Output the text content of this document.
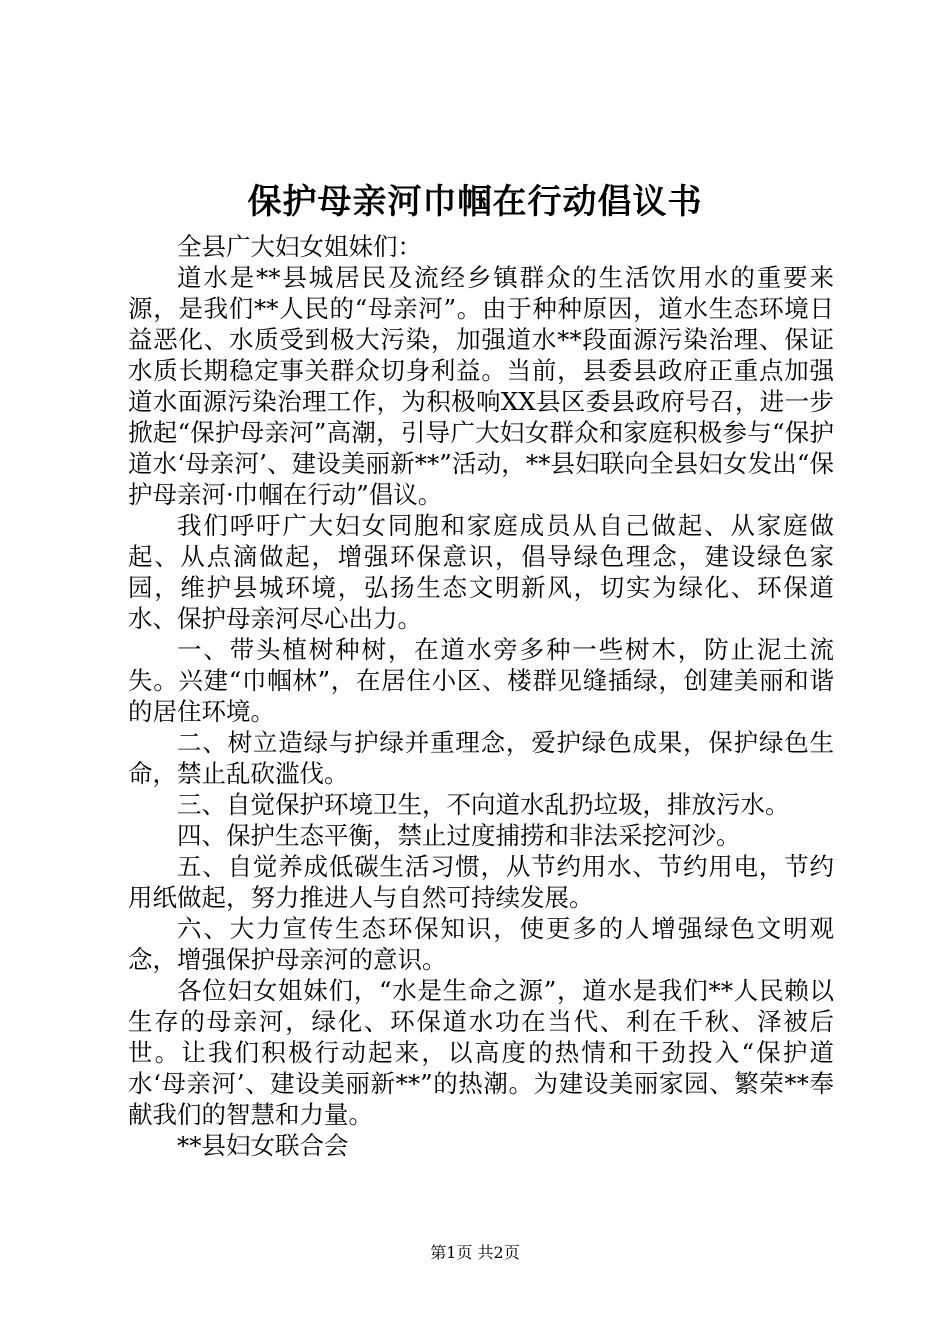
保护母亲河巾帼在行动倡议书

全县广大妇女姐妹们：

道水是**县城居民及流经乡镇群众的生活饮用水的重要来源，是我们**人民的“母亲河”。由于种种原因，道水生态环境日益恶化、水质受到极大污染，加强道水**段面源污染治理、保证水质长期稳定事关群众切身利益。当前，县委县政府正重点加强道水面源污染治理工作，为积极响XX县区委县政府号召，进一步掀起“保护母亲河”高潮，引导广大妇女群众和家庭积极参与“保护道水‘母亲河’、建设美丽新**”活动，**县妇联向全县妇女发出“保护母亲河·巾帼在行动”倡议。

我们呼吁广大妇女同胞和家庭成员从自己做起、从家庭做起、从点滴做起，增强环保意识，倡导绿色理念，建设绿色家园，维护县城环境，弘扬生态文明新风，切实为绿化、环保道水、保护母亲河尽心出力。

一、带头植树种树，在道水旁多种一些树木，防止泥土流失。兴建“巾帼林”，在居住小区、楼群见缝插绿，创建美丽和谐的居住环境。

二、树立造绿与护绿并重理念，爱护绿色成果，保护绿色生命，禁止乱砍滥伐。

三、自觉保护环境卫生，不向道水乱扔垃圾，排放污水。

四、保护生态平衡，禁止过度捕捞和非法采挖河沙。

五、自觉养成低碳生活习惯，从节约用水、节约用电，节约用纸做起，努力推进人与自然可持续发展。

六、大力宣传生态环保知识，使更多的人增强绿色文明观念，增强保护母亲河的意识。

各位妇女姐妹们，“水是生命之源”，道水是我们**人民赖以生存的母亲河，绿化、环保道水功在当代、利在千秋、泽被后世。让我们积极行动起来，以高度的热情和干劲投入“保护道水‘母亲河’、建设美丽新**”的热潮。为建设美丽家园、繁荣**奉献我们的智慧和力量。

**县妇女联合会

第1页 共2页
